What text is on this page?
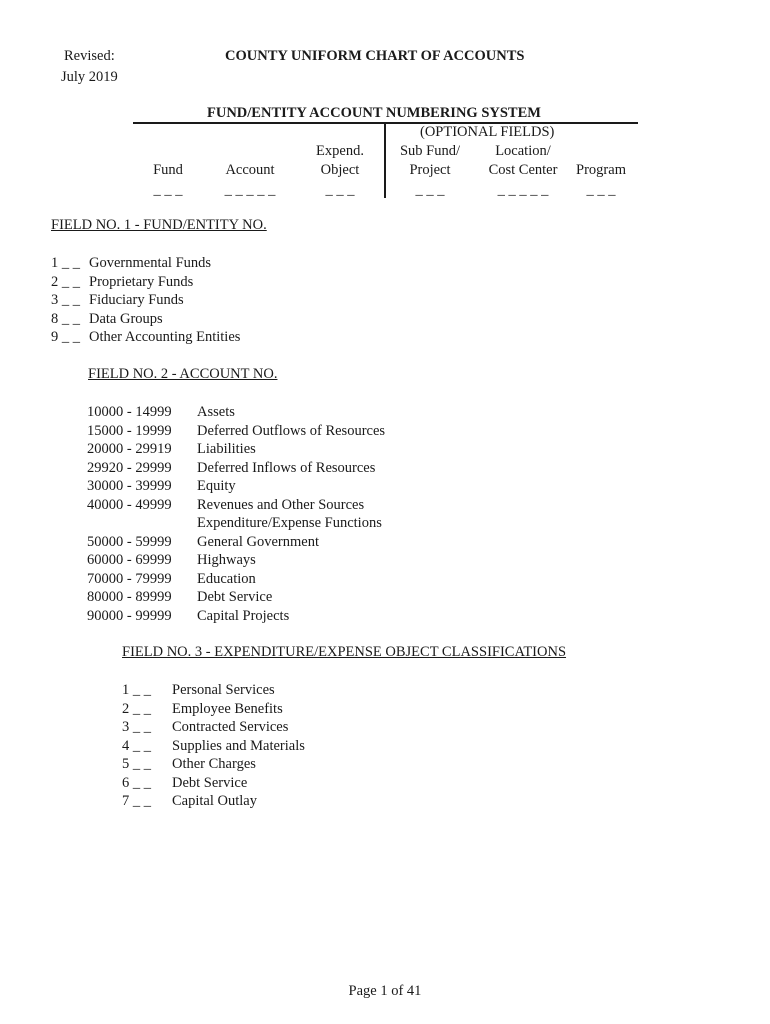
Revised:
July 2019
COUNTY UNIFORM CHART OF ACCOUNTS
FUND/ENTITY ACCOUNT NUMBERING SYSTEM
(OPTIONAL FIELDS)
Fund
_ _ _
Account
_ _ _ _ _
Expend.
Object
_ _ _
Sub Fund/
Project
_ _ _
Location/
Cost Center
_ _ _ _ _
Program
_ _ _
FIELD NO. 1 - FUND/ENTITY NO.
1 _ _ Governmental Funds
2 _ _ Proprietary Funds
3 _ _ Fiduciary Funds
8 _ _ Data Groups
9 _ _ Other Accounting Entities
FIELD NO. 2 - ACCOUNT NO.
10000 - 14999 Assets
15000 - 19999 Deferred Outflows of Resources
20000 - 29919 Liabilities
29920 - 29999 Deferred Inflows of Resources
30000 - 39999 Equity
40000 - 49999 Revenues and Other Sources
Expenditure/Expense Functions
50000 - 59999 General Government
60000 - 69999 Highways
70000 - 79999 Education
80000 - 89999 Debt Service
90000 - 99999 Capital Projects
FIELD NO. 3 - EXPENDITURE/EXPENSE OBJECT CLASSIFICATIONS
1 _ _ Personal Services
2 _ _ Employee Benefits
3 _ _ Contracted Services
4 _ _ Supplies and Materials
5 _ _ Other Charges
6 _ _ Debt Service
7 _ _ Capital Outlay
Page 1 of 41
